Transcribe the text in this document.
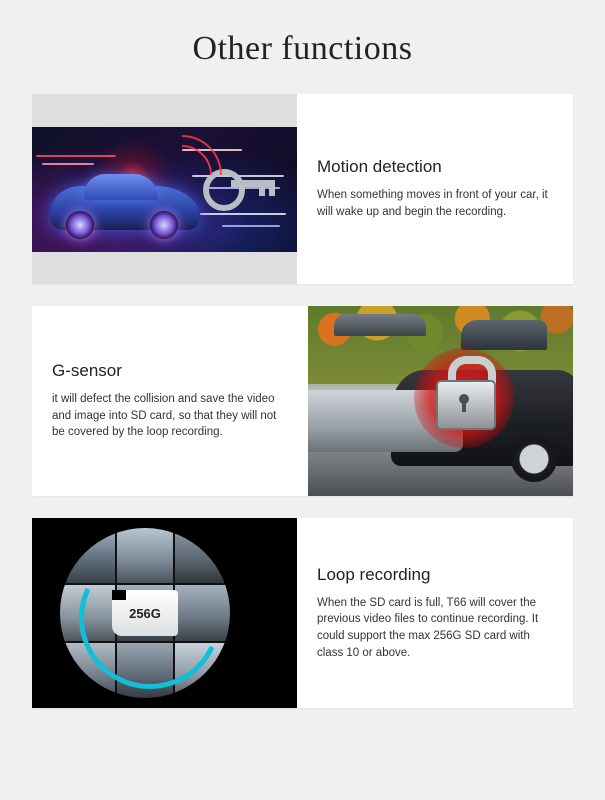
Other functions
Motion detection

When something moves in front of your car, it will wake up and begin the recording.

G-sensor

it will defect the collision and save the video and image into SD card, so that they will not be covered by the loop recording.

256G
Loop recording

When the SD card is full, T66 will cover the previous video files to continue recording. It could support the max 256G SD card with class 10 or above.
